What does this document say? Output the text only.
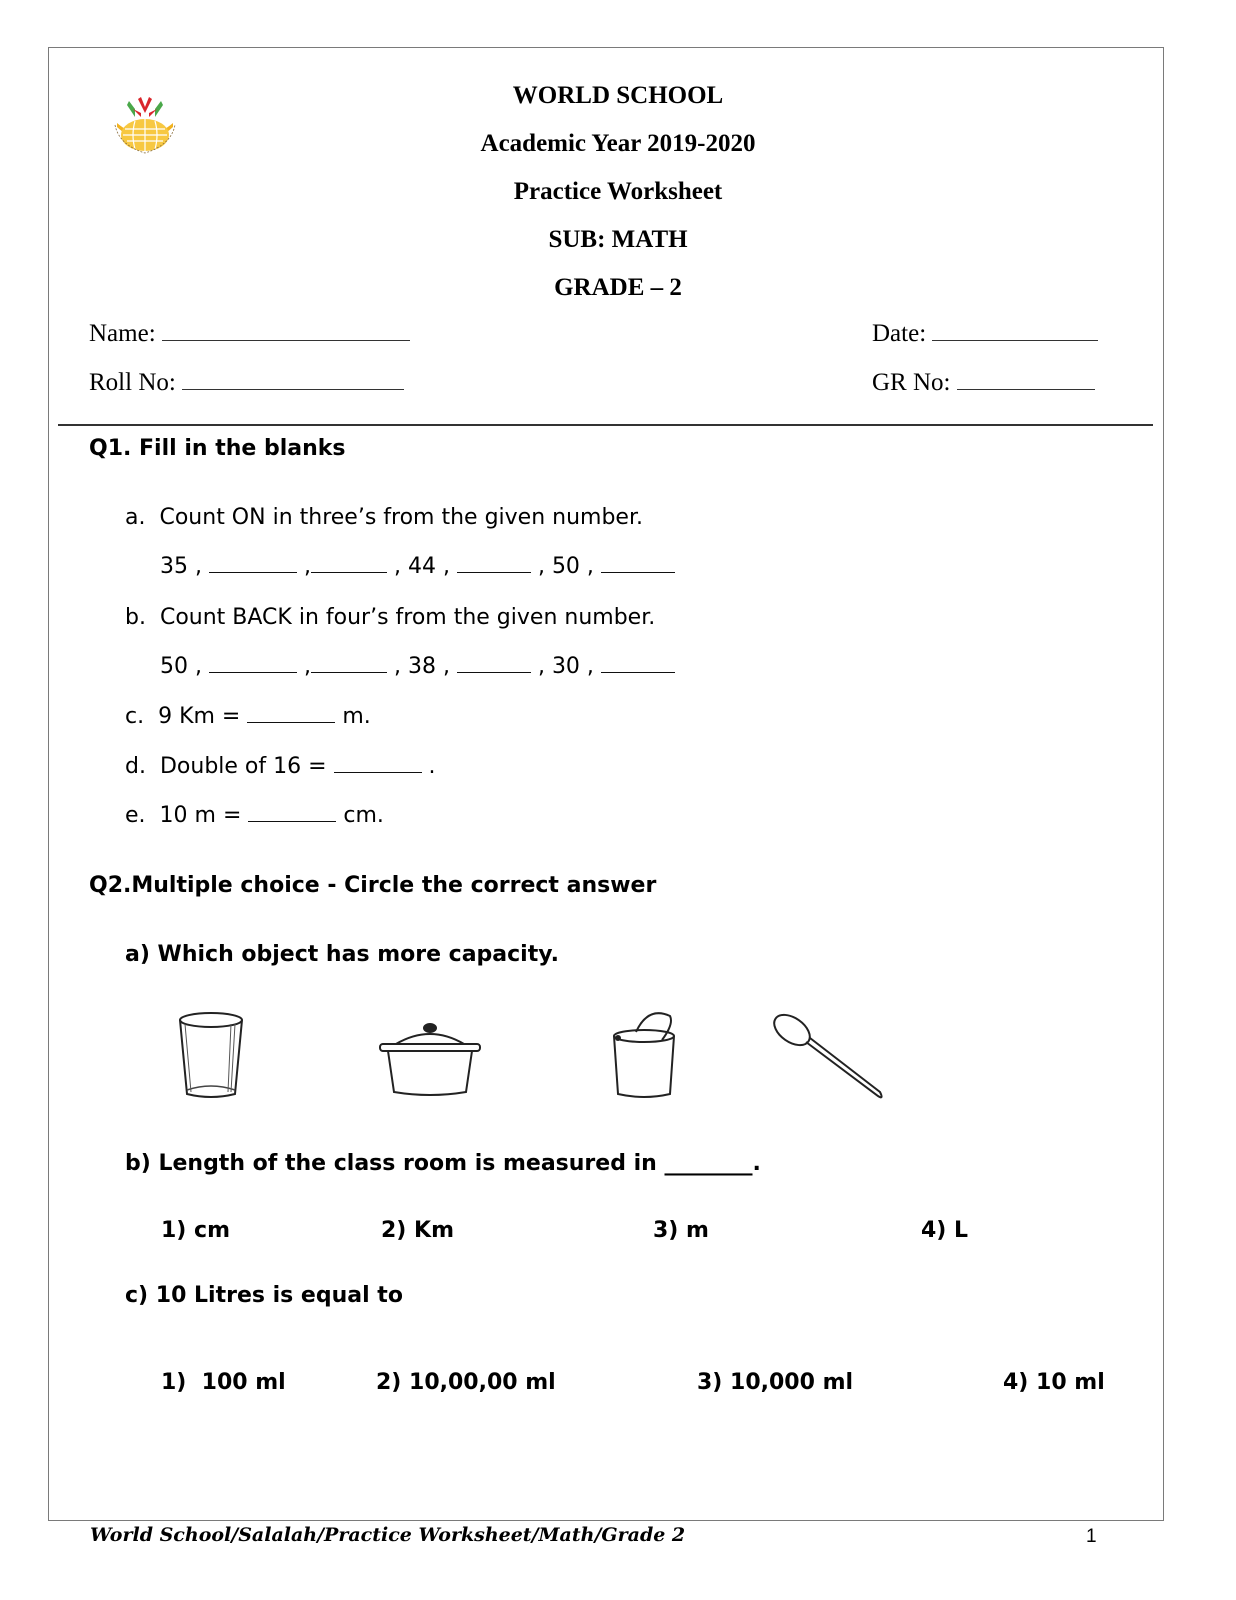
WORLD SCHOOL
Academic Year 2019-2020
Practice Worksheet
SUB: MATH
GRADE – 2
Name:	Date:
Roll No:	GR No:
Q1. Fill in the blanks
a. Count ON in three’s from the given number.
35 ,	,	, 44 ,	, 50 ,
b. Count BACK in four’s from the given number.
50 ,	,	, 38 ,	, 30 ,
c. 9 Km =	m.
d. Double of 16 =	.
e. 10 m =	cm.
Q2.Multiple choice - Circle the correct answer
a) Which object has more capacity.
b) Length of the class room is measured in ________.
1) cm	2) Km	3) m	4) L
c) 10 Litres is equal to
1)  100 ml	2) 10,00,00 ml	3) 10,000 ml	4) 10 ml
World School/Salalah/Practice Worksheet/Math/Grade 2	1
